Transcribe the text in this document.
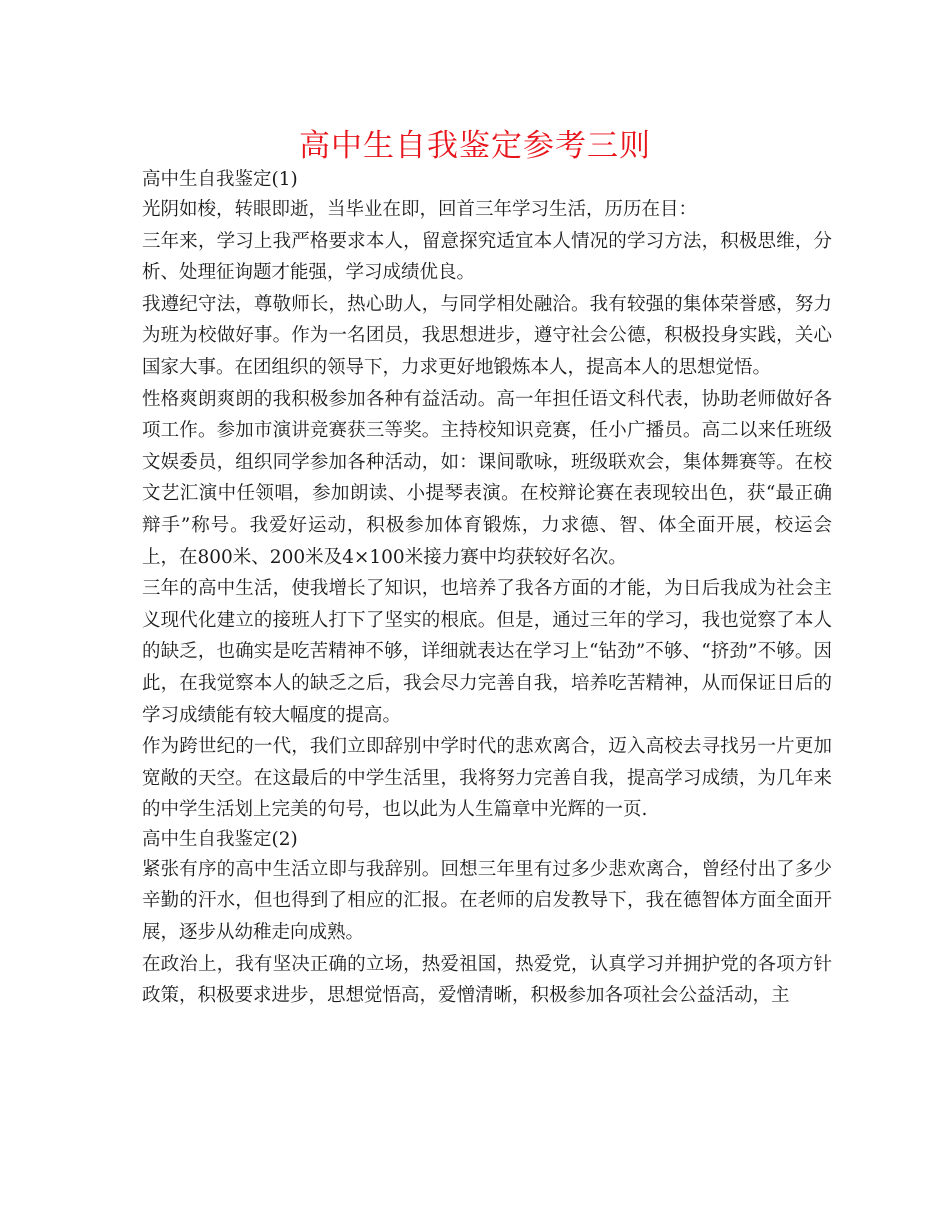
高中生自我鉴定参考三则

高中生自我鉴定(1)

光阴如梭，转眼即逝，当毕业在即，回首三年学习生活，历历在目：

三年来，学习上我严格要求本人，留意探究适宜本人情况的学习方法，积极思维，分析、处理征询题才能强，学习成绩优良。

我遵纪守法，尊敬师长，热心助人，与同学相处融洽。我有较强的集体荣誉感，努力为班为校做好事。作为一名团员，我思想进步，遵守社会公德，积极投身实践，关心国家大事。在团组织的领导下，力求更好地锻炼本人，提高本人的思想觉悟。

性格爽朗爽朗的我积极参加各种有益活动。高一年担任语文科代表，协助老师做好各项工作。参加市演讲竞赛获三等奖。主持校知识竞赛，任小广播员。高二以来任班级文娱委员，组织同学参加各种活动，如：课间歌咏，班级联欢会，集体舞赛等。在校文艺汇演中任领唱，参加朗读、小提琴表演。在校辩论赛在表现较出色，获“最正确辩手”称号。我爱好运动，积极参加体育锻炼，力求德、智、体全面开展，校运会上，在800米、200米及4×100米接力赛中均获较好名次。

三年的高中生活，使我增长了知识，也培养了我各方面的才能，为日后我成为社会主义现代化建立的接班人打下了坚实的根底。但是，通过三年的学习，我也觉察了本人的缺乏，也确实是吃苦精神不够，详细就表达在学习上“钻劲”不够、“挤劲”不够。因此，在我觉察本人的缺乏之后，我会尽力完善自我，培养吃苦精神，从而保证日后的学习成绩能有较大幅度的提高。

作为跨世纪的一代，我们立即辞别中学时代的悲欢离合，迈入高校去寻找另一片更加宽敞的天空。在这最后的中学生活里，我将努力完善自我，提高学习成绩，为几年来的中学生活划上完美的句号，也以此为人生篇章中光辉的一页.

高中生自我鉴定(2)

紧张有序的高中生活立即与我辞别。回想三年里有过多少悲欢离合，曾经付出了多少辛勤的汗水，但也得到了相应的汇报。在老师的启发教导下，我在德智体方面全面开展，逐步从幼稚走向成熟。

在政治上，我有坚决正确的立场，热爱祖国，热爱党，认真学习并拥护党的各项方针政策，积极要求进步，思想觉悟高，爱憎清晰，积极参加各项社会公益活动，主
